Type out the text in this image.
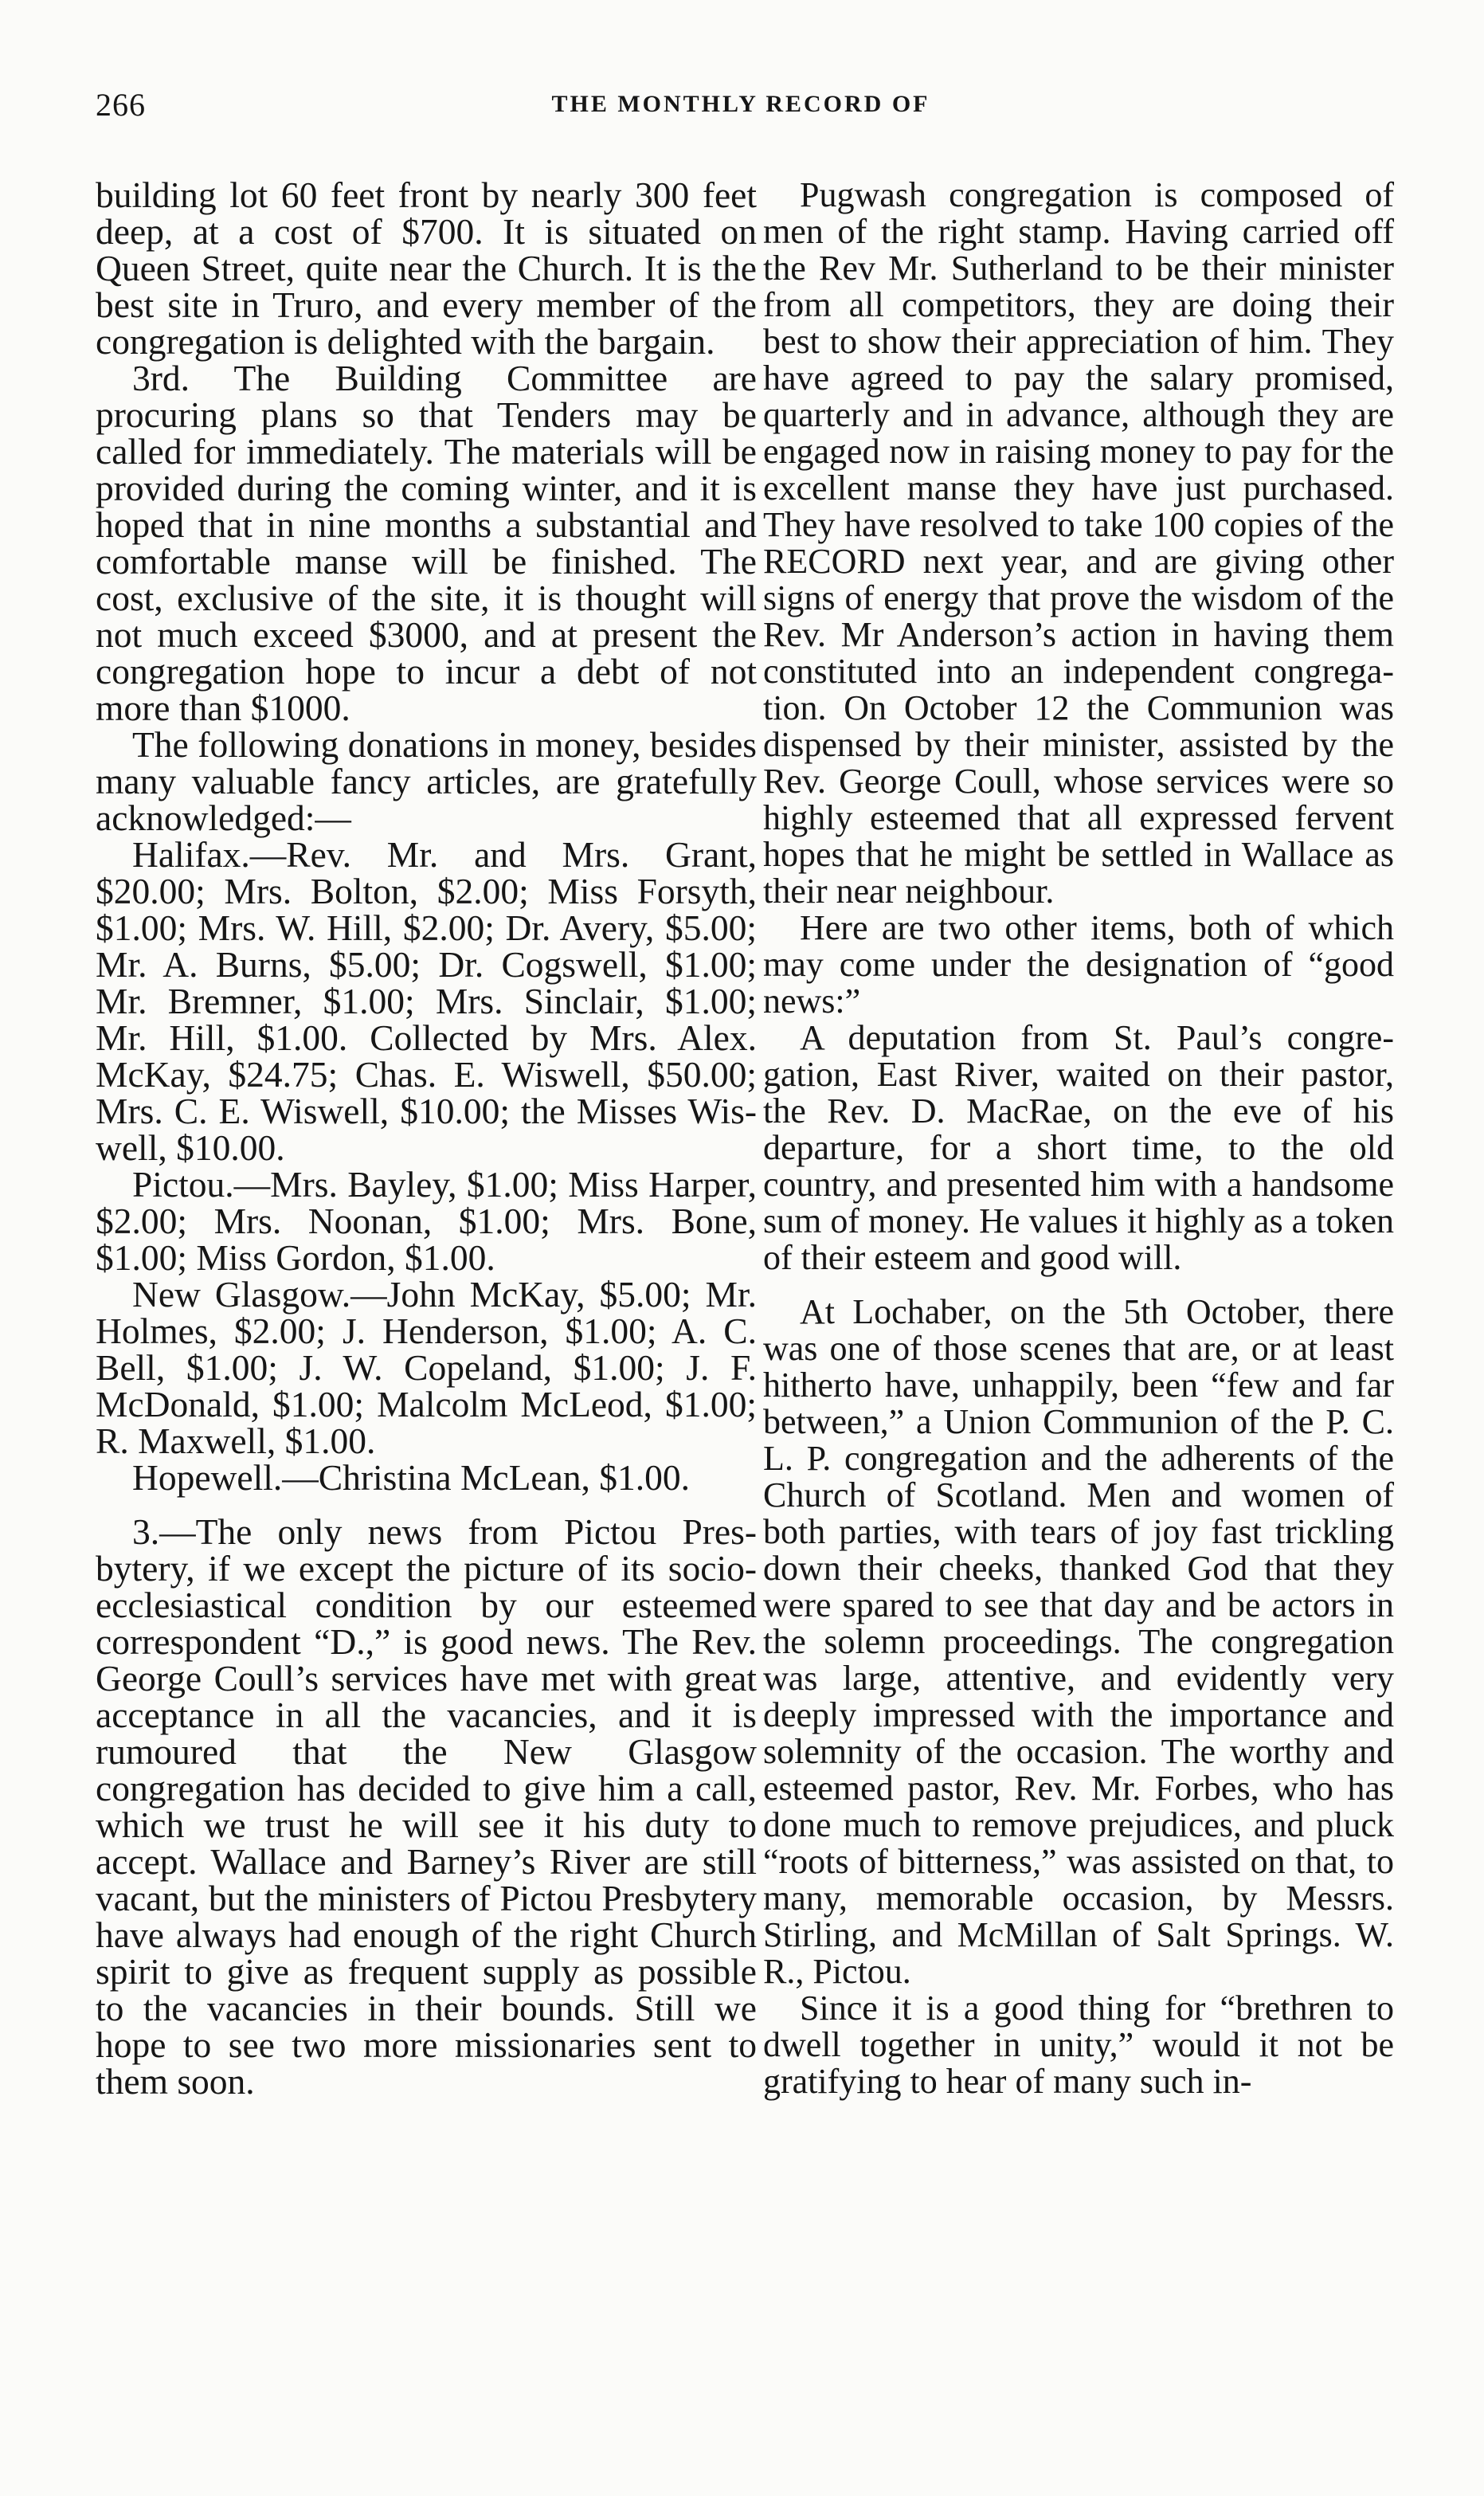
266	THE MONTHLY RECORD OF

building lot 60 feet front by nearly 300 feet deep, at a cost of $700. It is situated on Queen Street, quite near the Church. It is the best site in Truro, and every member of the congregation is delighted with the bargain.

3rd. The Building Committee are procuring plans so that Tenders may be called for immediately. The materials will be provided during the coming winter, and it is hoped that in nine months a substantial and comfortable manse will be finished. The cost, exclusive of the site, it is thought will not much exceed $3000, and at present the congregation hope to incur a debt of not more than $1000.

The following donations in money, besides many valuable fancy articles, are gratefully acknowledged:—

Halifax.—Rev. Mr. and Mrs. Grant, $20.00; Mrs. Bolton, $2.00; Miss Forsyth, $1.00; Mrs. W. Hill, $2.00; Dr. Avery, $5.00; Mr. A. Burns, $5.00; Dr. Cogswell, $1.00; Mr. Bremner, $1.00; Mrs. Sinclair, $1.00; Mr. Hill, $1.00. Collected by Mrs. Alex. McKay, $24.75; Chas. E. Wiswell, $50.00; Mrs. C. E. Wiswell, $10.00; the Misses Wiswell, $10.00.

Pictou.—Mrs. Bayley, $1.00; Miss Harper, $2.00; Mrs. Noonan, $1.00; Mrs. Bone, $1.00; Miss Gordon, $1.00.

New Glasgow.—John McKay, $5.00; Mr. Holmes, $2.00; J. Henderson, $1.00; A. C. Bell, $1.00; J. W. Copeland, $1.00; J. F. McDonald, $1.00; Malcolm McLeod, $1.00; R. Maxwell, $1.00.

Hopewell.—Christina McLean, $1.00.

3.—The only news from Pictou Presbytery, if we except the picture of its socio-ecclesiastical condition by our esteemed correspondent “D.,” is good news. The Rev. George Coull’s services have met with great acceptance in all the vacancies, and it is rumoured that the New Glasgow congregation has decided to give him a call, which we trust he will see it his duty to accept. Wallace and Barney’s River are still vacant, but the ministers of Pictou Presbytery have always had enough of the right Church spirit to give as frequent supply as possible to the vacancies in their bounds. Still we hope to see two more missionaries sent to them soon.

Pugwash congregation is composed of men of the right stamp. Having carried off the Rev Mr. Sutherland to be their minister from all competitors, they are doing their best to show their appreciation of him. They have agreed to pay the salary promised, quarterly and in advance, although they are engaged now in raising money to pay for the excellent manse they have just purchased. They have resolved to take 100 copies of the RECORD next year, and are giving other signs of energy that prove the wisdom of the Rev. Mr Anderson’s action in having them constituted into an independent congregation. On October 12 the Communion was dispensed by their minister, assisted by the Rev. George Coull, whose services were so highly esteemed that all expressed fervent hopes that he might be settled in Wallace as their near neighbour.

Here are two other items, both of which may come under the designation of “good news:”

A deputation from St. Paul’s congregation, East River, waited on their pastor, the Rev. D. MacRae, on the eve of his departure, for a short time, to the old country, and presented him with a handsome sum of money. He values it highly as a token of their esteem and good will.

At Lochaber, on the 5th October, there was one of those scenes that are, or at least hitherto have, unhappily, been “few and far between,” a Union Communion of the P. C. L. P. congregation and the adherents of the Church of Scotland. Men and women of both parties, with tears of joy fast trickling down their cheeks, thanked God that they were spared to see that day and be actors in the solemn proceedings. The congregation was large, attentive, and evidently very deeply impressed with the importance and solemnity of the occasion. The worthy and esteemed pastor, Rev. Mr. Forbes, who has done much to remove prejudices, and pluck “roots of bitterness,” was assisted on that, to many, memorable occasion, by Messrs. Stirling, and McMillan of Salt Springs. W. R., Pictou.

Since it is a good thing for “brethren to dwell together in unity,” would it not be gratifying to hear of many such in-
